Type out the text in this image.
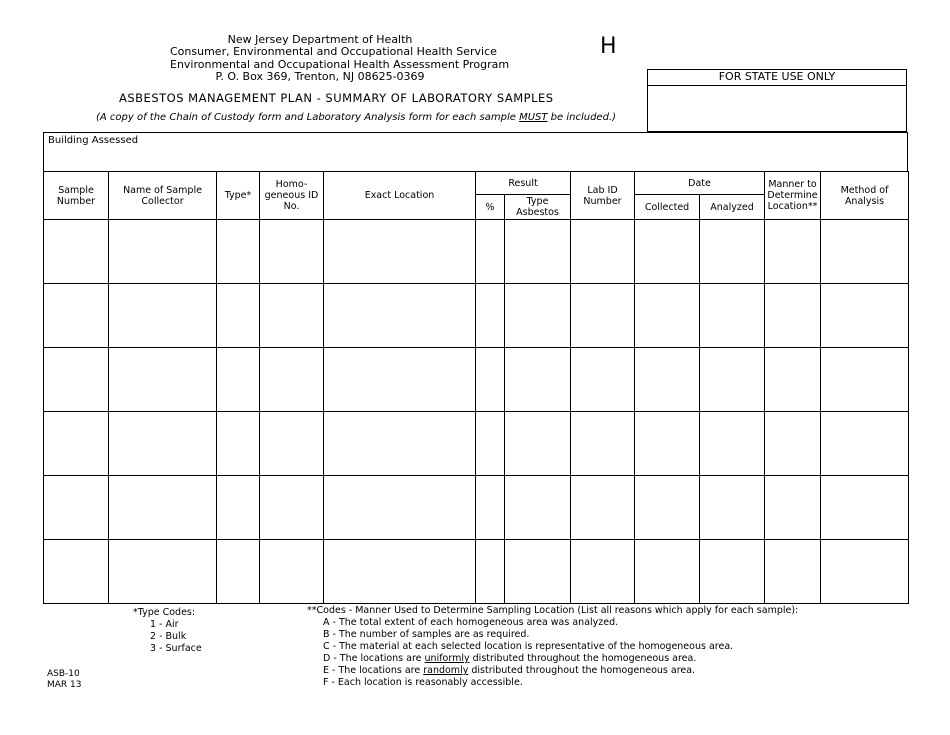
New Jersey Department of Health
Consumer, Environmental and Occupational Health Service
Environmental and Occupational Health Assessment Program
P. O. Box 369, Trenton, NJ 08625-0369
H
FOR STATE USE ONLY
ASBESTOS MANAGEMENT PLAN - SUMMARY OF LABORATORY SAMPLES
(A copy of the Chain of Custody form and Laboratory Analysis form for each sample MUST be included.)
Building Assessed
Sample Number	Name of Sample Collector	Type*	Homo-geneous ID No.	Exact Location	Result		Lab ID Number	Date		Manner to Determine Location**	Method of Analysis
					%	Type Asbestos		Collected	Analyzed		

*Type Codes:
1 - Air
2 - Bulk
3 - Surface
**Codes - Manner Used to Determine Sampling Location (List all reasons which apply for each sample):
A - The total extent of each homogeneous area was analyzed.
B - The number of samples are as required.
C - The material at each selected location is representative of the homogeneous area.
D - The locations are uniformly distributed throughout the homogeneous area.
E - The locations are randomly distributed throughout the homogeneous area.
F - Each location is reasonably accessible.
ASB-10
MAR 13
